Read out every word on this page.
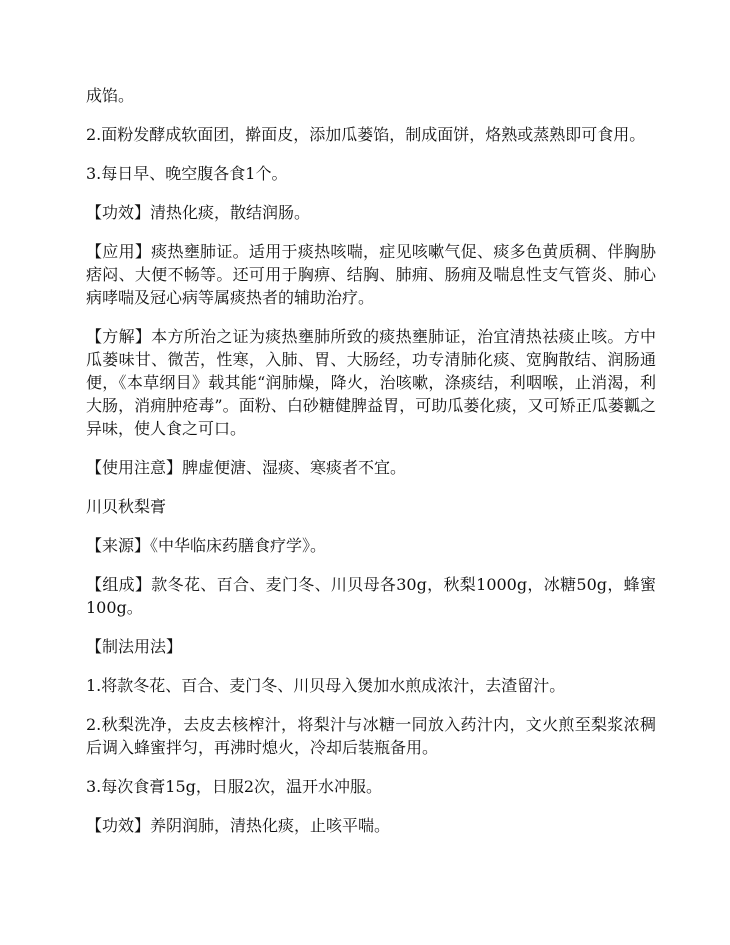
成馅。

2.面粉发酵成软面团，擀面皮，添加瓜蒌馅，制成面饼，烙熟或蒸熟即可食用。

3.每日早、晚空腹各食1个。

【功效】清热化痰，散结润肠。

【应用】痰热壅肺证。适用于痰热咳喘，症见咳嗽气促、痰多色黄质稠、伴胸胁痞闷、大便不畅等。还可用于胸痹、结胸、肺痈、肠痈及喘息性支气管炎、肺心病哮喘及冠心病等属痰热者的辅助治疗。

【方解】本方所治之证为痰热壅肺所致的痰热壅肺证，治宜清热祛痰止咳。方中瓜蒌味甘、微苦，性寒，入肺、胃、大肠经，功专清肺化痰、宽胸散结、润肠通便，《本草纲目》载其能“润肺燥，降火，治咳嗽，涤痰结，利咽喉，止消渴，利大肠，消痈肿疮毒”。面粉、白砂糖健脾益胃，可助瓜蒌化痰，又可矫正瓜蒌瓤之异味，使人食之可口。

【使用注意】脾虚便溏、湿痰、寒痰者不宜。

川贝秋梨膏

【来源】《中华临床药膳食疗学》。

【组成】款冬花、百合、麦门冬、川贝母各30g，秋梨1000g，冰糖50g，蜂蜜100g。

【制法用法】

1.将款冬花、百合、麦门冬、川贝母入煲加水煎成浓汁，去渣留汁。

2.秋梨洗净，去皮去核榨汁，将梨汁与冰糖一同放入药汁内，文火煎至梨浆浓稠后调入蜂蜜拌匀，再沸时熄火，冷却后装瓶备用。

3.每次食膏15g，日服2次，温开水冲服。

【功效】养阴润肺，清热化痰，止咳平喘。
